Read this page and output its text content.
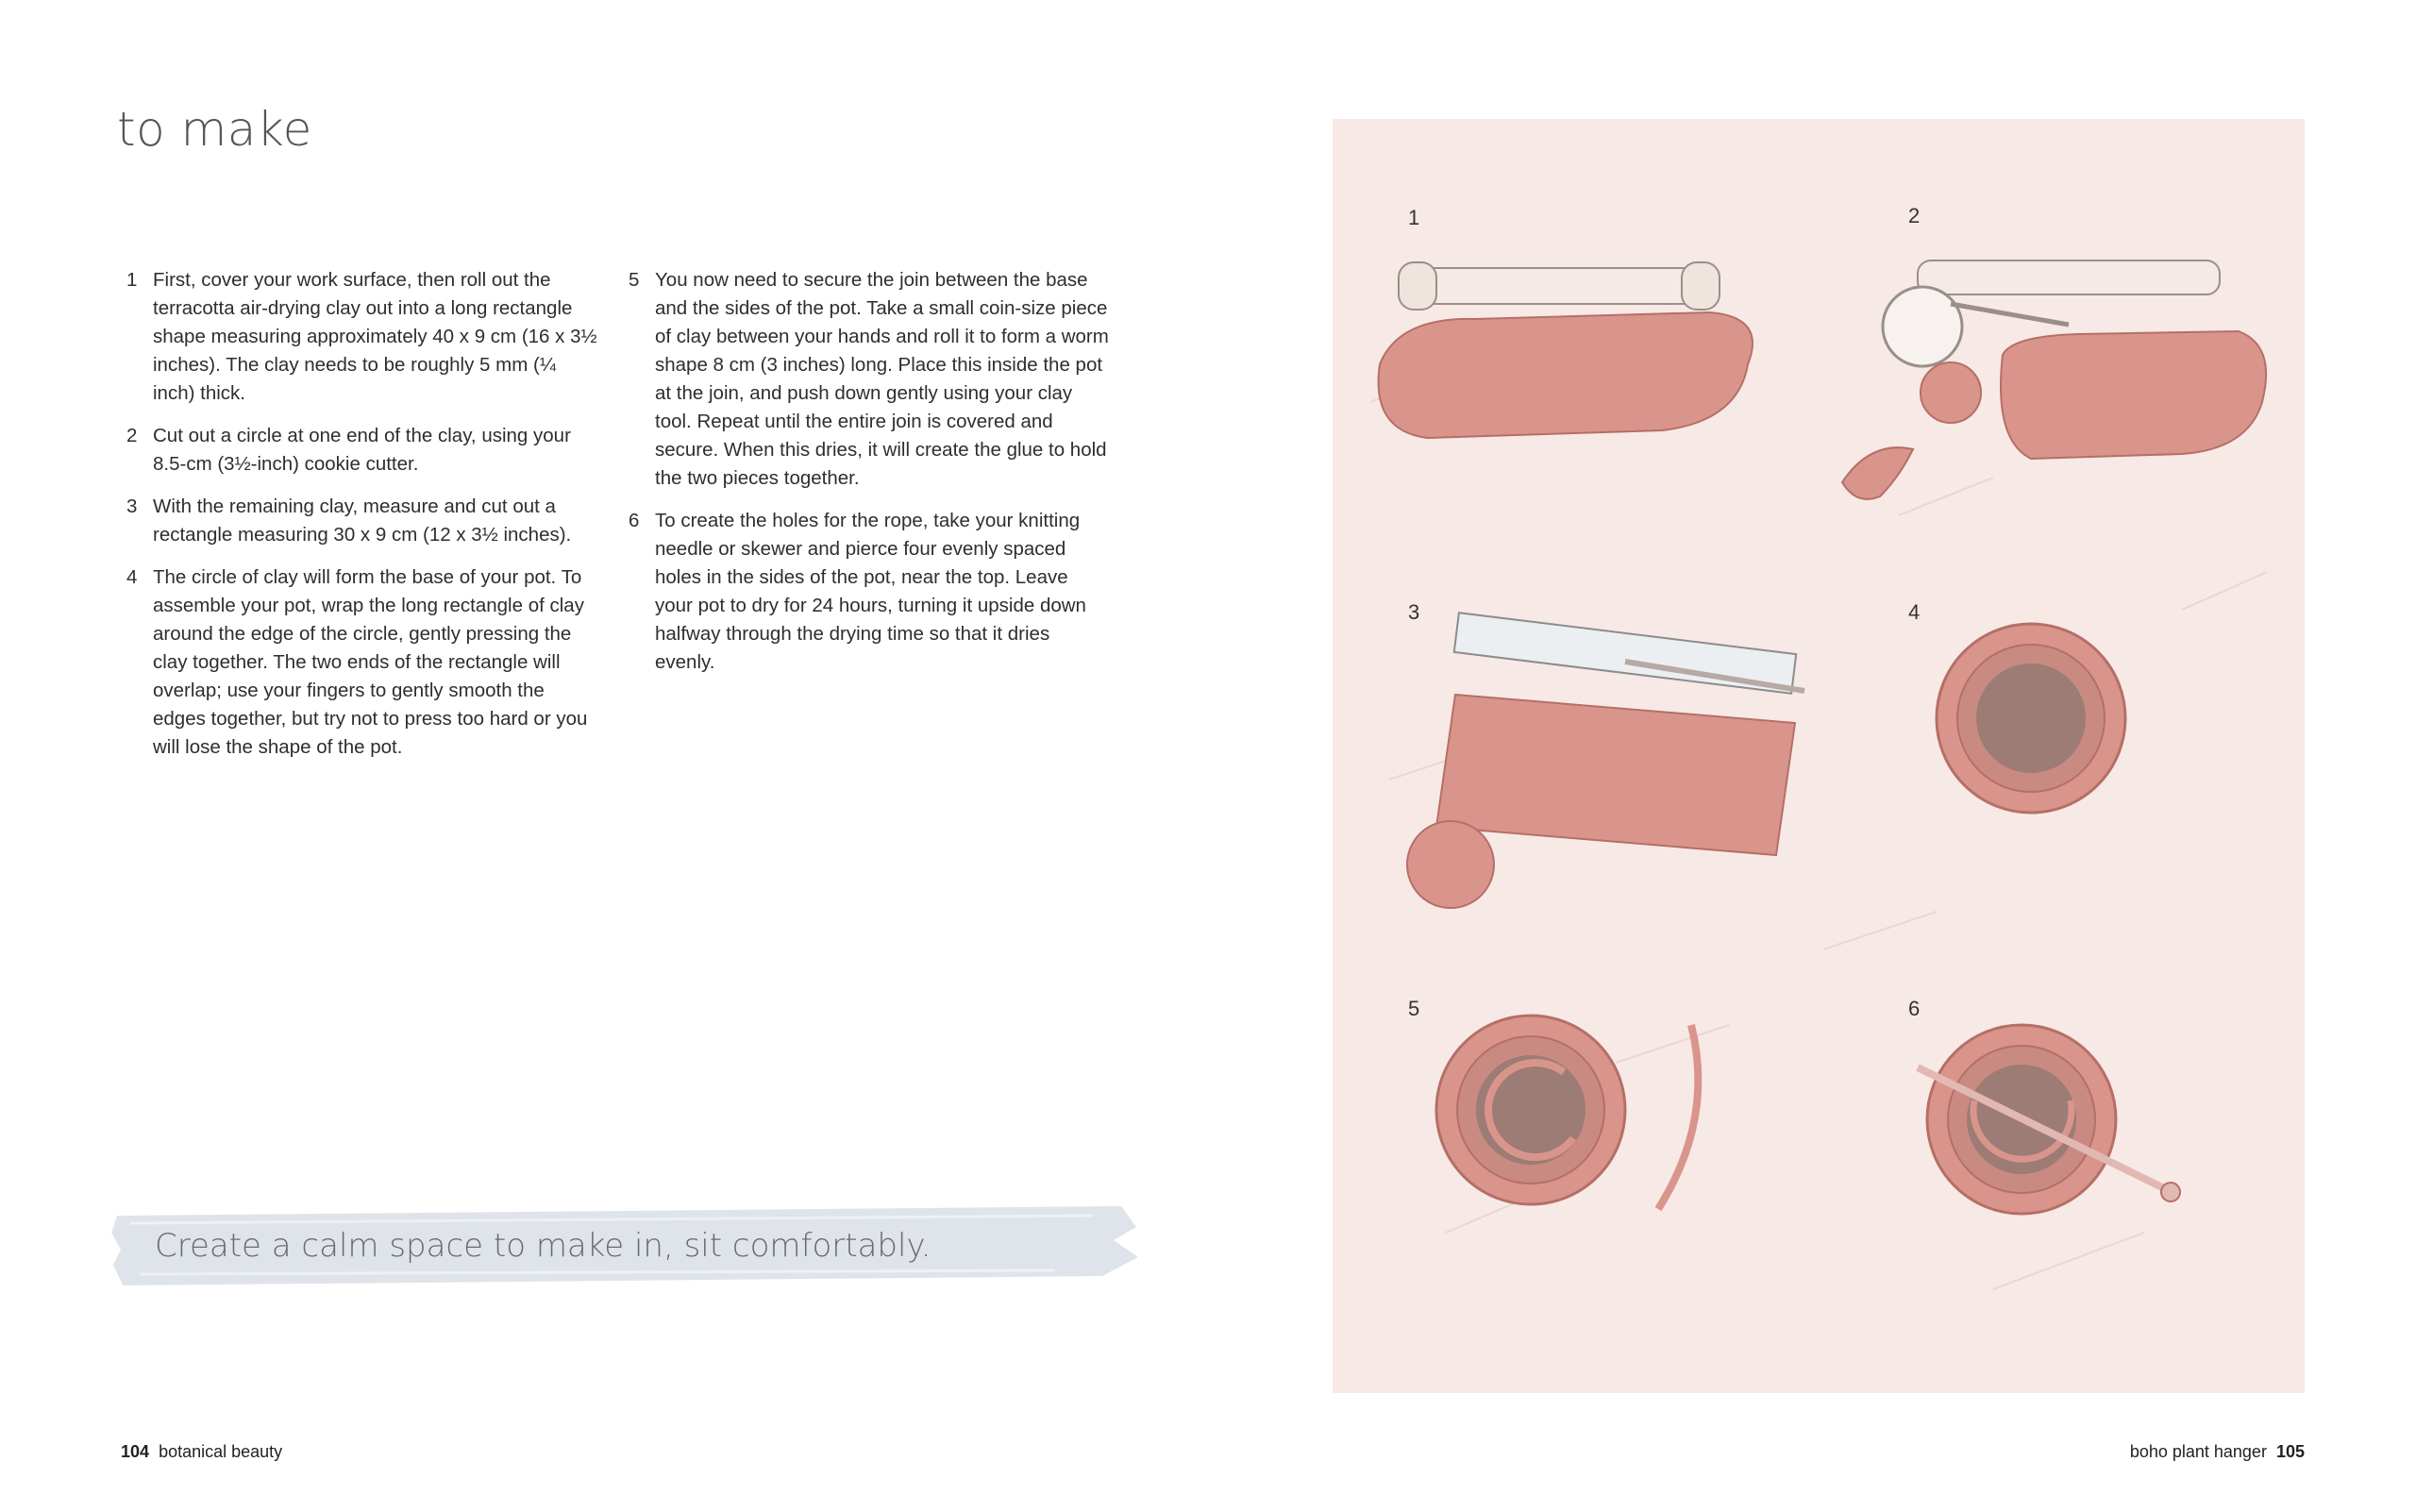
to make
1 First, cover your work surface, then roll out the terracotta air-drying clay out into a long rectangle shape measuring approximately 40 x 9 cm (16 x 3½ inches). The clay needs to be roughly 5 mm (¼ inch) thick.
2 Cut out a circle at one end of the clay, using your 8.5-cm (3½-inch) cookie cutter.
3 With the remaining clay, measure and cut out a rectangle measuring 30 x 9 cm (12 x 3½ inches).
4 The circle of clay will form the base of your pot. To assemble your pot, wrap the long rectangle of clay around the edge of the circle, gently pressing the clay together. The two ends of the rectangle will overlap; use your fingers to gently smooth the edges together, but try not to press too hard or you will lose the shape of the pot.
5 You now need to secure the join between the base and the sides of the pot. Take a small coin-size piece of clay between your hands and roll it to form a worm shape 8 cm (3 inches) long. Place this inside the pot at the join, and push down gently using your clay tool. Repeat until the entire join is covered and secure. When this dries, it will create the glue to hold the two pieces together.
6 To create the holes for the rope, take your knitting needle or skewer and pierce four evenly spaced holes in the sides of the pot, near the top. Leave your pot to dry for 24 hours, turning it upside down halfway through the drying time so that it dries evenly.

Create a calm space to make in, sit comfortably.

104 botanical beauty	boho plant hanger 105
1	2
3	4
5	6
